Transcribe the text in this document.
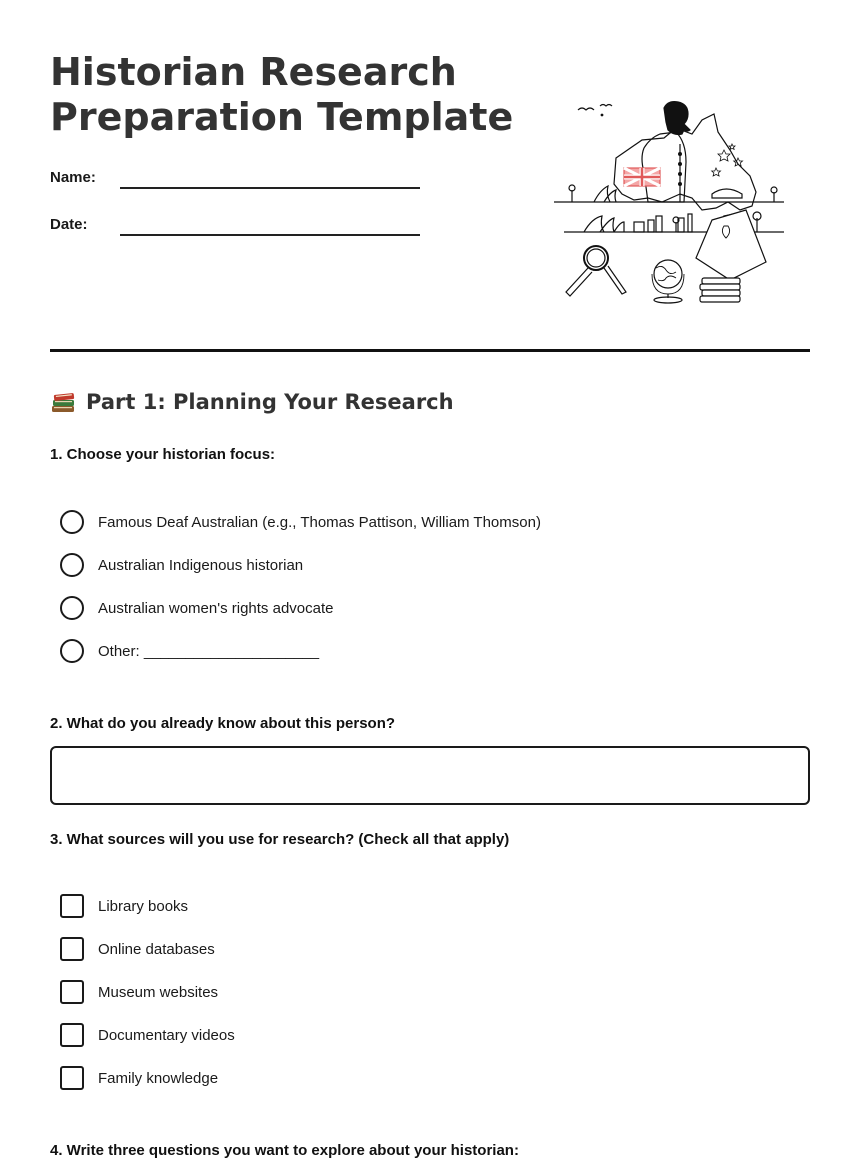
Historian Research Preparation Template
Name:
Date:
Part 1: Planning Your Research
1. Choose your historian focus:
Famous Deaf Australian (e.g., Thomas Pattison, William Thomson)
Australian Indigenous historian
Australian women's rights advocate
Other: _____________________
2. What do you already know about this person?
3. What sources will you use for research? (Check all that apply)
Library books
Online databases
Museum websites
Documentary videos
Family knowledge
4. Write three questions you want to explore about your historian:
